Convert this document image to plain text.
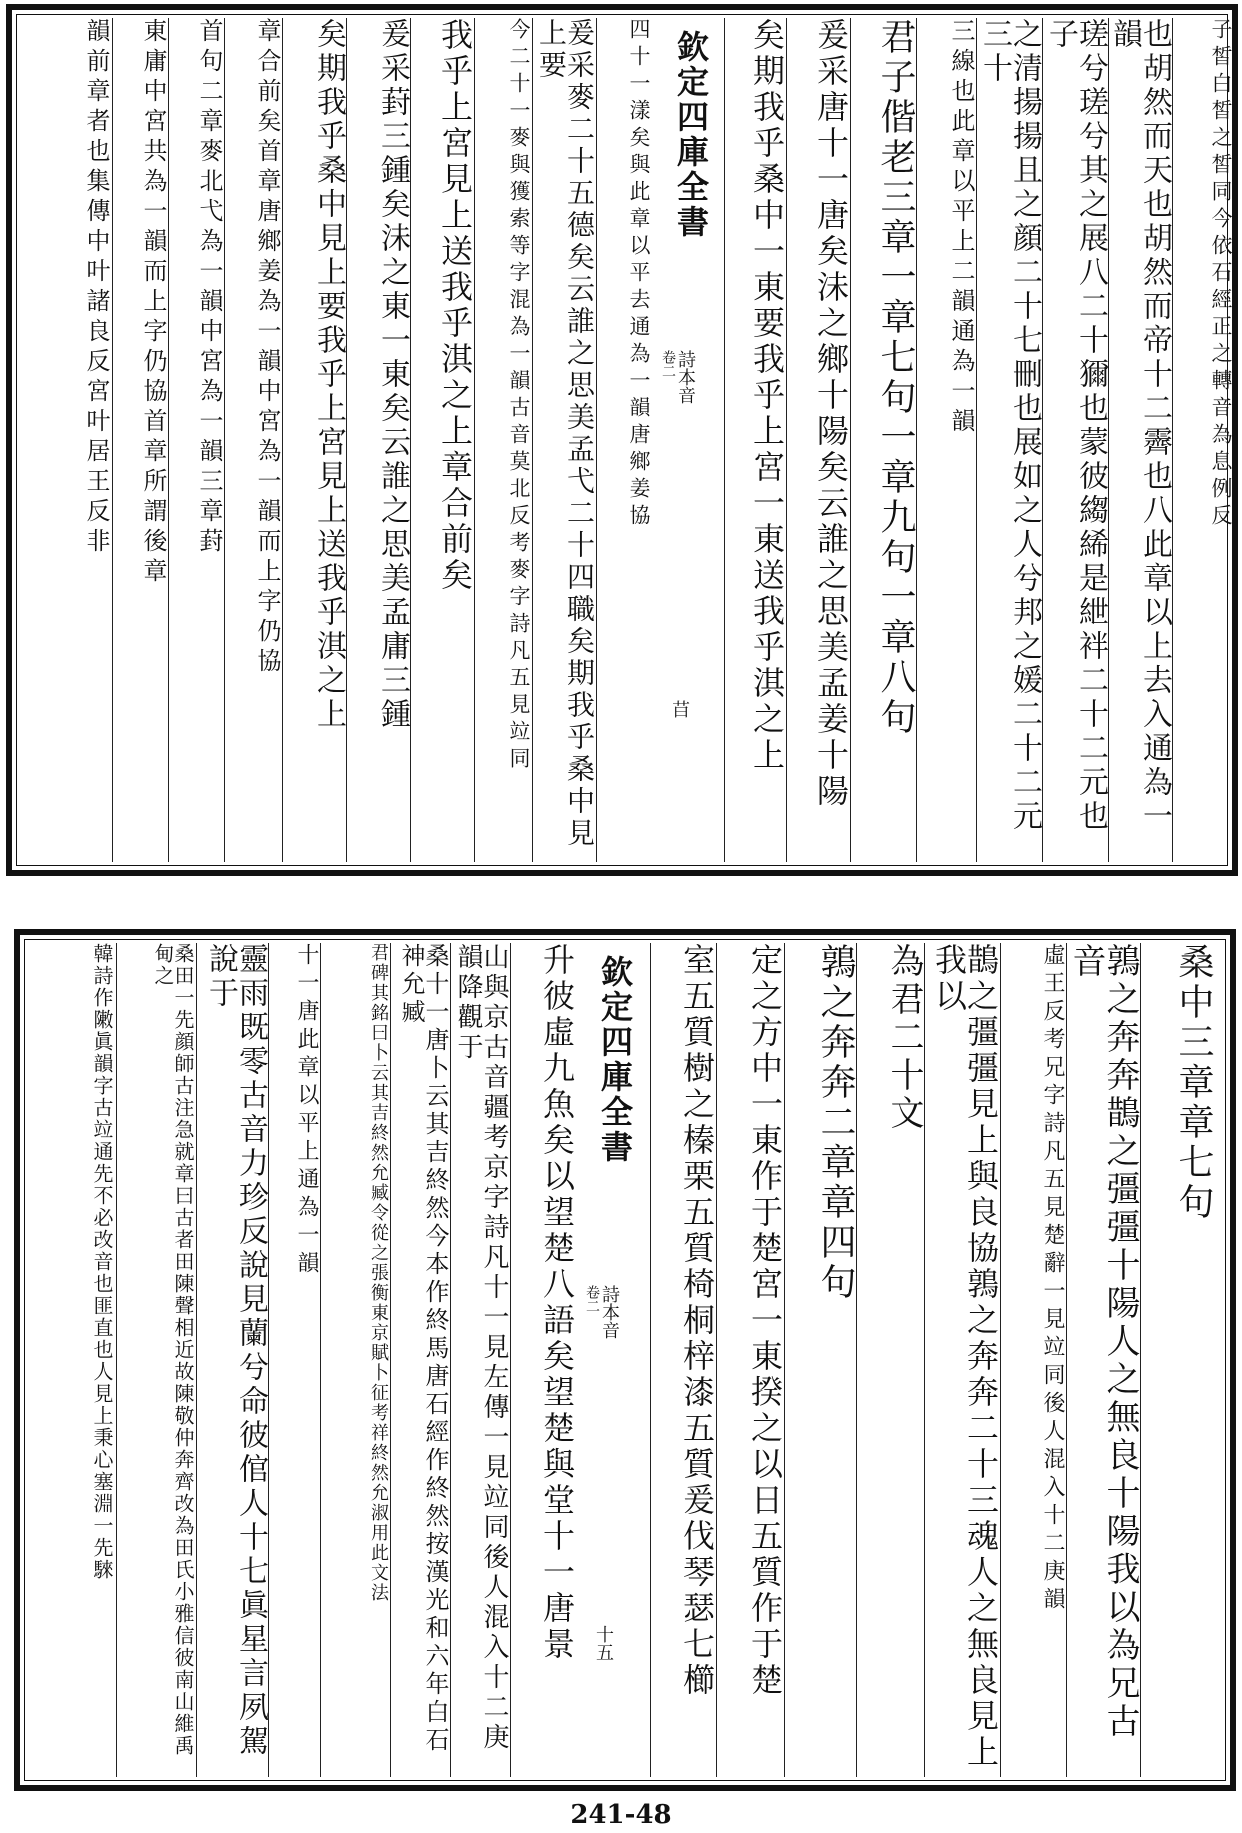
子皙白皙之皙同今依石經正之轉音為息例反
也胡然而天也胡然而帝十二霽也八此章以上去入通為一韻
瑳兮瑳兮其之展八二十獮也蒙彼縐絺是紲袢二十二元也子
之清揚揚且之顔二十七刪也展如之人兮邦之媛二十二元三十
三線也此章以平上二韻通為一韻
君子偕老三章一章七句一章九句一章八句
爰采唐十一唐矣沬之鄉十陽矣云誰之思美孟姜十陽
矣期我乎桑中一東要我乎上宮一東送我乎淇之上
欽定四庫全書
詩本音
卷二
䒤
四十一漾矣與此章以平去通為一韻唐鄉姜協
爰采麥二十五德矣云誰之思美孟弋二十四職矣期我乎桑中見上要
今二十一麥與獲索等字混為一韻古音莫北反考麥字詩凡五見竝同
我乎上宮見上送我乎淇之上章合前矣
爰采葑三鍾矣沬之東一東矣云誰之思美孟庸三鍾
矣期我乎桑中見上要我乎上宮見上送我乎淇之上
章合前矣首章唐鄉姜為一韻中宮為一韻而上字仍協
首句二章麥北弋為一韻中宮為一韻三章葑
東庸中宮共為一韻而上字仍協首章所謂後章
韻前章者也集傳中叶諸良反宮叶居王反非
桑中三章章七句
鶉之奔奔鵲之彊彊十陽人之無良十陽我以為兄古音
虛王反考兄字詩凡五見楚辭一見竝同後人混入十二庚韻
鵲之彊彊見上與良協鶉之奔奔二十三魂人之無良見上我以
為君二十文
鶉之奔奔二章章四句
定之方中一東作于楚宮一東揆之以日五質作于楚
室五質樹之榛栗五質椅桐梓漆五質爰伐琴瑟七櫛
欽定四庫全書
詩本音
卷二
十五
升彼虛九魚矣以望楚八語矣望楚與堂十一唐景
山與京古音疆考京字詩凡十一見左傳一見竝同後人混入十二庚韻降觀于
桑十一唐卜云其吉終然今本作終馬唐石經作終然按漢光和六年白石神允臧
君碑其銘曰卜云其吉終然允臧令從之張衡東京賦卜征考祥終然允淑用此文法
十一唐此章以平上通為一韻
靈雨既零古音力珍反說見蘭兮命彼倌人十七眞星言夙駕說于
桑田一先顔師古注急就章曰古者田陳聲相近故陳敬仲奔齊改為田氏小雅信彼南山維禹甸之
韓詩作敶眞韻字古竝通先不必改音也匪直也人見上秉心塞淵一先騋
241-48
